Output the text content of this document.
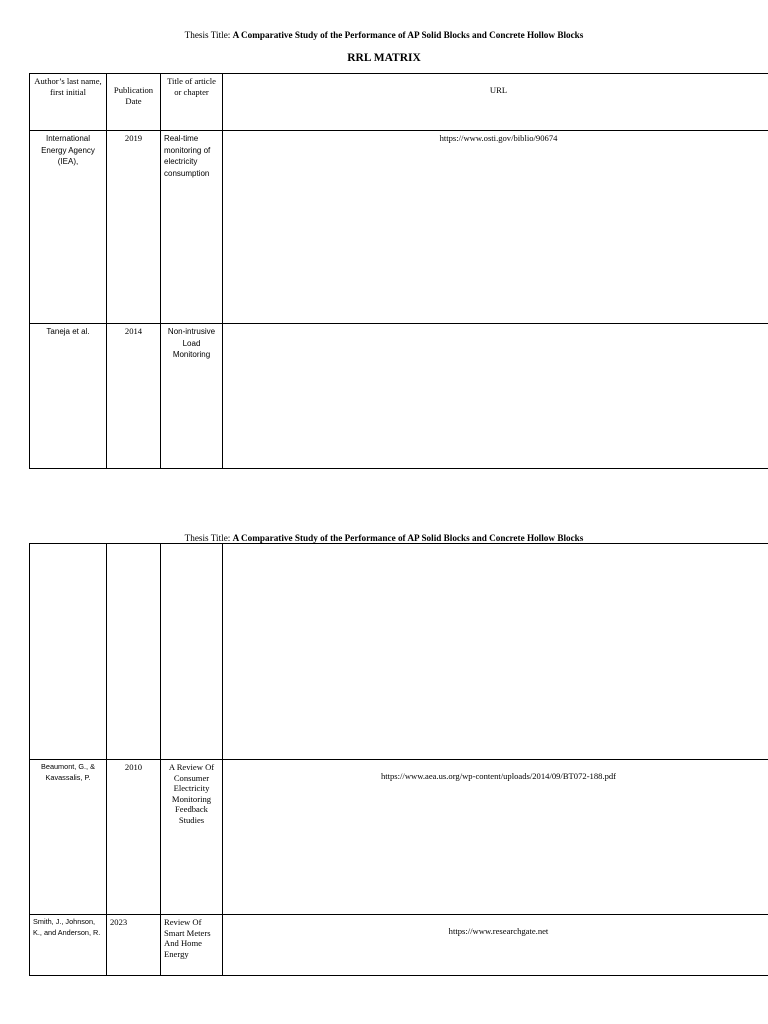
Thesis Title: A Comparative Study of the Performance of AP Solid Blocks and Concrete Hollow Blocks
RRL MATRIX
Author’s last name, first initial	Publication Date	Title of article or chapter	URL
International Energy Agency (IEA),	2019	Real-time monitoring of electricity consumption	https://www.osti.gov/biblio/90674
Taneja et al.	2014	Non-intrusive Load Monitoring	
Thesis Title: A Comparative Study of the Performance of AP Solid Blocks and Concrete Hollow Blocks

Beaumont, G., & Kavassalis, P.	2010	A Review Of Consumer Electricity Monitoring Feedback Studies	https://www.aea.us.org/wp-content/uploads/2014/09/BT072-188.pdf
Smith, J., Johnson, K., and Anderson, R.	2023	Review Of Smart Meters And Home Energy	https://www.researchgate.net
